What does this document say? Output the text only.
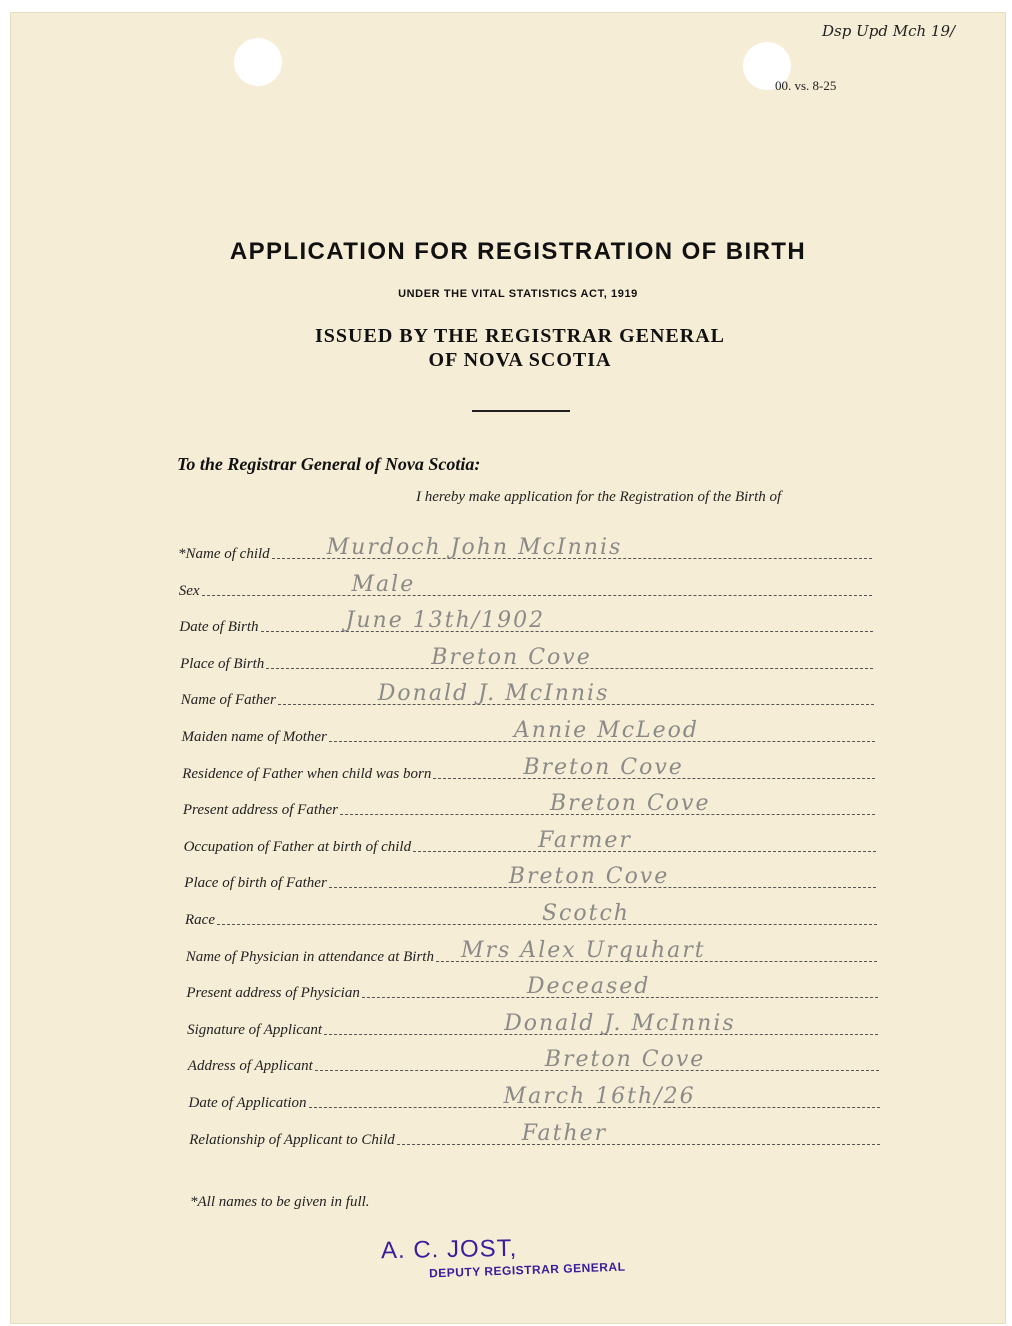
Dsp Upd Mch 19/
00. vs. 8-25
APPLICATION FOR REGISTRATION OF BIRTH
UNDER THE VITAL STATISTICS ACT, 1919
ISSUED BY THE REGISTRAR GENERAL
OF NOVA SCOTIA
To the Registrar General of Nova Scotia:
I hereby make application for the Registration of the Birth of
*Name of child	Murdoch John McInnis
Sex	Male
Date of Birth	June 13th/1902
Place of Birth	Breton Cove
Name of Father	Donald J. McInnis
Maiden name of Mother	Annie McLeod
Residence of Father when child was born	Breton Cove
Present address of Father	Breton Cove
Occupation of Father at birth of child	Farmer
Place of birth of Father	Breton Cove
Race	Scotch
Name of Physician in attendance at Birth Mrs Alex Urquhart
Present address of Physician	Deceased
Signature of Applicant	Donald J. McInnis
Address of Applicant	Breton Cove
Date of Application	March 16th/26
Relationship of Applicant to Child	Father
*All names to be given in full.
A. C. JOST,
DEPUTY REGISTRAR GENERAL
